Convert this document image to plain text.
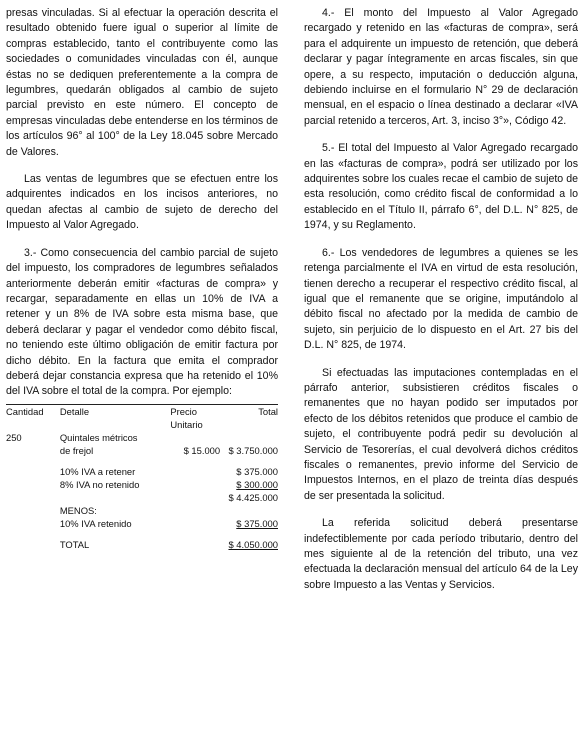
presas vinculadas. Si al efectuar la operación descrita el resultado obtenido fuere igual o superior al límite de compras establecido, tanto el contribuyente como las sociedades o comunidades vinculadas con él, aunque éstas no se dediquen preferentemente a la compra de legumbres, quedarán obligados al cambio de sujeto parcial previsto en este número. El concepto de empresas vinculadas debe entenderse en los términos de los artículos 96° al 100° de la Ley 18.045 sobre Mercado de Valores.

Las ventas de legumbres que se efectuen entre los adquirentes indicados en los incisos anteriores, no quedan afectas al cambio de sujeto de derecho del Impuesto al Valor Agregado.

3.- Como consecuencia del cambio parcial de sujeto del impuesto, los compradores de legumbres señalados anteriormente deberán emitir «facturas de compra» y recargar, separadamente en ellas un 10% de IVA a retener y un 8% de IVA sobre esta misma base, que deberá declarar y pagar el vendedor como débito fiscal, no teniendo este último obligación de emitir factura por dicho débito. En la factura que emita el comprador deberá dejar constancia expresa que ha retenido el 10% del IVA sobre el total de la compra. Por ejemplo:

Cantidad	Detalle	Precio Unitario	Total
250	Quintales métricos		
	de frejol	$ 15.000	$ 3.750.000

	10% IVA a retener		$ 375.000
	8% IVA no retenido		$ 300.000
			$ 4.425.000
	MENOS:		
	10% IVA retenido		$ 375.000

	TOTAL		$ 4.050.000

4.- El monto del Impuesto al Valor Agregado recargado y retenido en las «facturas de compra», será para el adquirente un impuesto de retención, que deberá declarar y pagar íntegramente en arcas fiscales, sin que opere, a su respecto, imputación o deducción alguna, debiendo incluirse en el formulario N° 29 de declaración mensual, en el espacio o línea destinado a declarar «IVA parcial retenido a terceros, Art. 3, inciso 3°», Código 42.

5.- El total del Impuesto al Valor Agregado recargado en las «facturas de compra», podrá ser utilizado por los adquirentes sobre los cuales recae el cambio de sujeto de esta resolución, como crédito fiscal de conformidad a lo establecido en el Título II, párrafo 6°, del D.L. N° 825, de 1974, y su Reglamento.

6.- Los vendedores de legumbres a quienes se les retenga parcialmente el IVA en virtud de esta resolución, tienen derecho a recuperar el respectivo crédito fiscal, al igual que el remanente que se origine, imputándolo al débito fiscal no afectado por la medida de cambio de sujeto, sin perjuicio de lo dispuesto en el Art. 27 bis del D.L. N° 825, de 1974.

Si efectuadas las imputaciones contempladas en el párrafo anterior, subsistieren créditos fiscales o remanentes que no hayan podido ser imputados por efecto de los débitos retenidos que produce el cambio de sujeto, el contribuyente podrá pedir su devolución al Servicio de Tesorerías, el cual devolverá dichos créditos fiscales o remanentes, previo informe del Servicio de Impuestos Internos, en el plazo de treinta días después de ser presentada la solicitud.

La referida solicitud deberá presentarse indefectiblemente por cada período tributario, dentro del mes siguiente al de la retención del tributo, una vez efectuada la declaración mensual del artículo 64 de la Ley sobre Impuesto a las Ventas y Servicios.
